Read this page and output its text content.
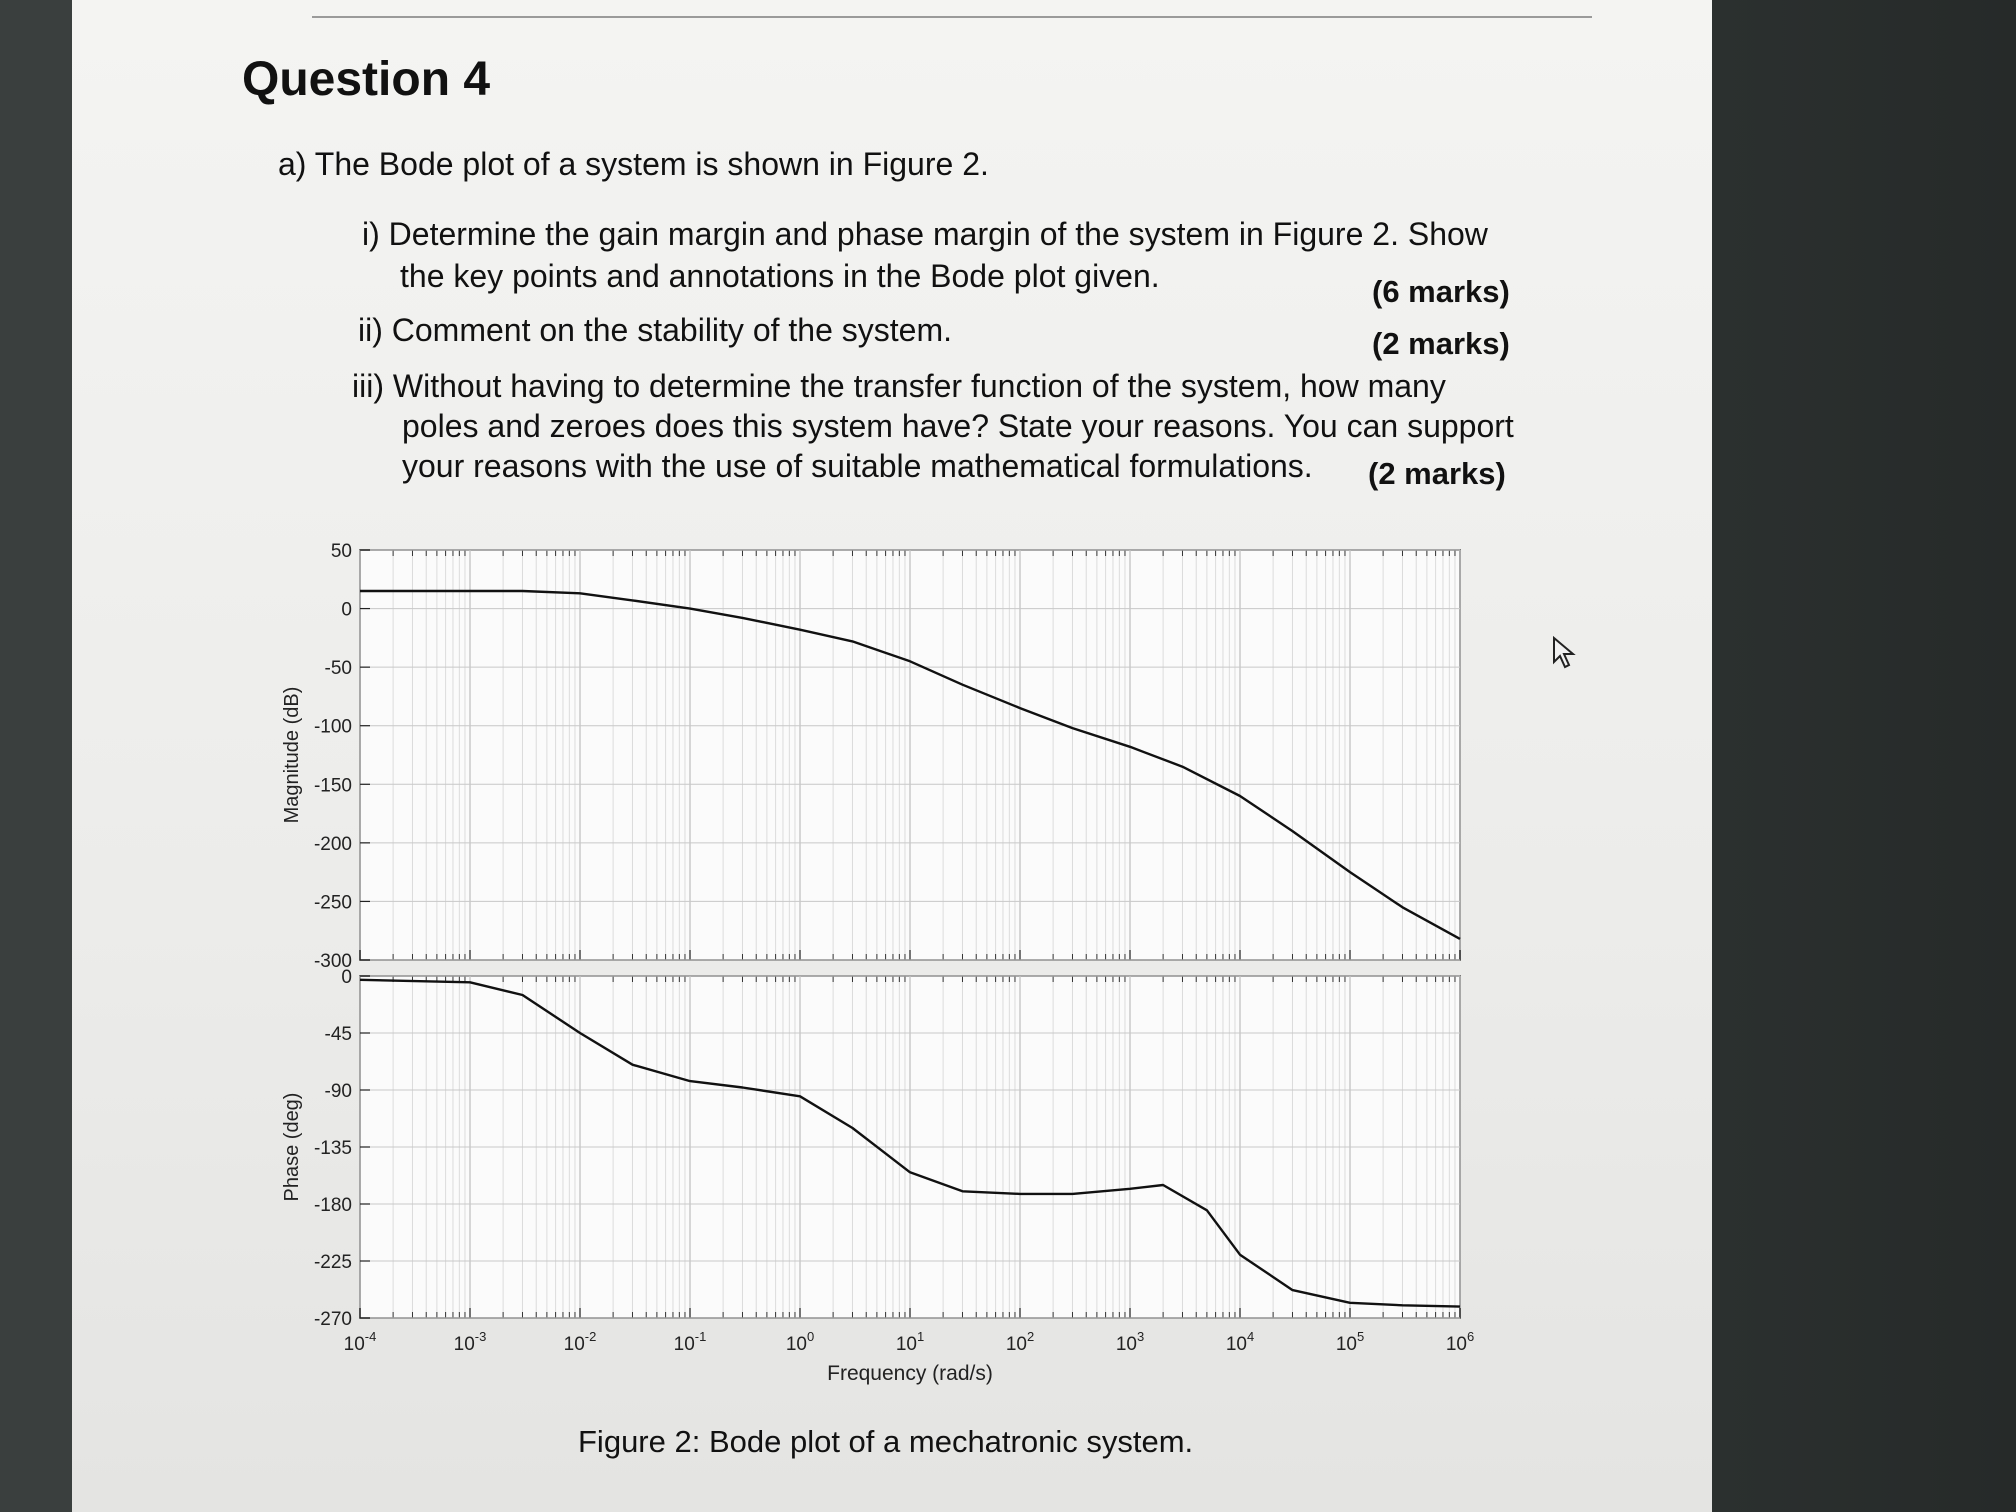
Question 4
a) The Bode plot of a system is shown in Figure 2.
i) Determine the gain margin and phase margin of the system in Figure 2. Show
the key points and annotations in the Bode plot given.	(6 marks)
ii) Comment on the stability of the system.	(2 marks)
iii) Without having to determine the transfer function of the system, how many
poles and zeroes does this system have? State your reasons. You can support
your reasons with the use of suitable mathematical formulations. (2 marks)
50
0
-50
-100
-150
-200
-250
-300
Magnitude (dB)
0
-45
-90
-135
-180
-225
-270
Phase (deg)
$10^{-4}$	$10^{-3}$	$10^{-2}$	$10^{-1}$	$10^0$	$10^1$	$10^2$	$10^3$	$10^4$	$10^5$	$10^6$
Frequency (rad/s)
Figure 2: Bode plot of a mechatronic system.
